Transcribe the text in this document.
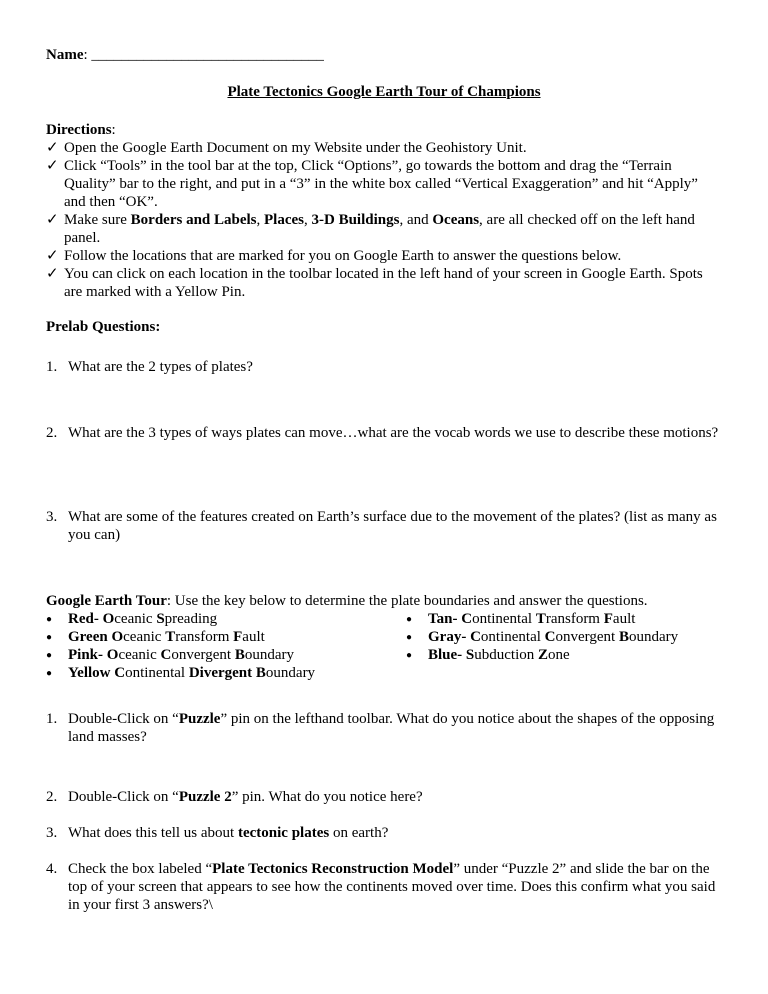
Name: _______________________________
Plate Tectonics Google Earth Tour of Champions
Directions:
✓ Open the Google Earth Document on my Website under the Geohistory Unit.
✓ Click “Tools” in the tool bar at the top, Click “Options”, go towards the bottom and drag the “Terrain Quality” bar to the right, and put in a “3” in the white box called “Vertical Exaggeration” and hit “Apply” and then “OK”.
✓ Make sure Borders and Labels, Places, 3-D Buildings, and Oceans, are all checked off on the left hand panel.
✓ Follow the locations that are marked for you on Google Earth to answer the questions below.
✓ You can click on each location in the toolbar located in the left hand of your screen in Google Earth. Spots are marked with a Yellow Pin.
Prelab Questions:
1. What are the 2 types of plates?
2. What are the 3 types of ways plates can move…what are the vocab words we use to describe these motions?
3. What are some of the features created on Earth’s surface due to the movement of the plates? (list as many as you can)
Google Earth Tour: Use the key below to determine the plate boundaries and answer the questions.
● Red- Oceanic Spreading
● Green Oceanic Transform Fault
● Pink- Oceanic Convergent Boundary
● Yellow Continental Divergent Boundary
● Tan- Continental Transform Fault
● Gray- Continental Convergent Boundary
● Blue- Subduction Zone
1. Double-Click on “Puzzle” pin on the lefthand toolbar. What do you notice about the shapes of the opposing land masses?
2. Double-Click on “Puzzle 2” pin. What do you notice here?
3. What does this tell us about tectonic plates on earth?
4. Check the box labeled “Plate Tectonics Reconstruction Model” under “Puzzle 2” and slide the bar on the top of your screen that appears to see how the continents moved over time. Does this confirm what you said in your first 3 answers?\
